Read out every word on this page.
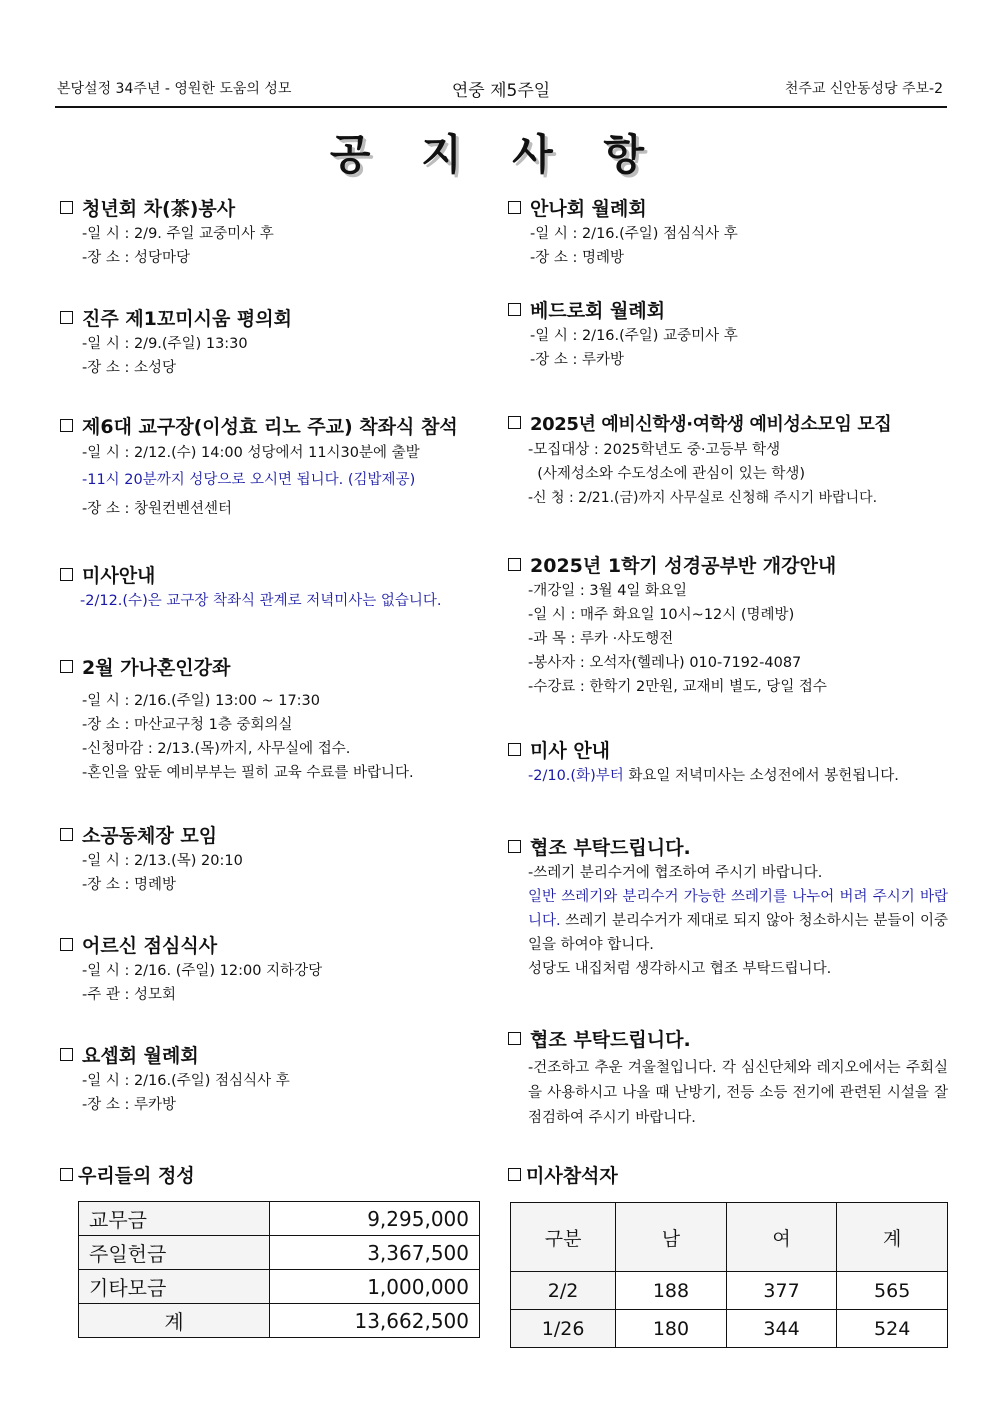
본당설정 34주년 - 영원한 도움의 성모	연중 제5주일	천주교 신안동성당 주보-2
공 지 사 항
청년회 차(茶)봉사
-일 시 : 2/9. 주일 교중미사 후
-장 소 : 성당마당
진주 제1꼬미시움 평의회
-일 시 : 2/9.(주일) 13:30
-장 소 : 소성당
제6대 교구장(이성효 리노 주교) 착좌식 참석
-일 시 : 2/12.(수) 14:00 성당에서 11시30분에 출발
-11시 20분까지 성당으로 오시면 됩니다. (김밥제공)
-장 소 : 창원컨벤션센터
미사안내
-2/12.(수)은 교구장 착좌식 관계로 저녁미사는 없습니다.
2월 가나혼인강좌
-일 시 : 2/16.(주일) 13:00 ~ 17:30
-장 소 : 마산교구청 1층 중회의실
-신청마감 : 2/13.(목)까지, 사무실에 접수.
-혼인을 앞둔 예비부부는 필히 교육 수료를 바랍니다.
소공동체장 모임
-일 시 : 2/13.(목) 20:10
-장 소 : 명례방
어르신 점심식사
-일 시 : 2/16. (주일) 12:00 지하강당
-주 관 : 성모회
요셉회 월례회
-일 시 : 2/16.(주일) 점심식사 후
-장 소 : 루카방
우리들의 정성
안나회 월례회
-일 시 : 2/16.(주일) 점심식사 후
-장 소 : 명례방
베드로회 월례회
-일 시 : 2/16.(주일) 교중미사 후
-장 소 : 루카방
2025년 예비신학생·여학생 예비성소모임 모집
-모집대상 : 2025학년도 중·고등부 학생
(사제성소와 수도성소에 관심이 있는 학생)
-신 청 : 2/21.(금)까지 사무실로 신청해 주시기 바랍니다.
2025년 1학기 성경공부반 개강안내
-개강일 : 3월 4일 화요일
-일 시 : 매주 화요일 10시~12시 (명례방)
-과 목 : 루카 ·사도행전
-봉사자 : 오석자(헬레나) 010-7192-4087
-수강료 : 한학기 2만원, 교재비 별도, 당일 접수
미사 안내
-2/10.(화)부터 화요일 저녁미사는 소성전에서 봉헌됩니다.
협조 부탁드립니다.
-쓰레기 분리수거에 협조하여 주시기 바랍니다.
일반 쓰레기와 분리수거 가능한 쓰레기를 나누어 버려 주시기 바랍니다. 쓰레기 분리수거가 제대로 되지 않아 청소하시는 분들이 이중 일을 하여야 합니다.
성당도 내집처럼 생각하시고 협조 부탁드립니다.
협조 부탁드립니다.
-건조하고 추운 겨울철입니다. 각 심신단체와 레지오에서는 주회실을 사용하시고 나올 때 난방기, 전등 소등 전기에 관련된 시설을 잘 점검하여 주시기 바랍니다.
미사참석자
교무금	9,295,000
주일헌금	3,367,500
기타모금	1,000,000
계	13,662,500
구분	남	여	계
2/2	188	377	565
1/26	180	344	524
